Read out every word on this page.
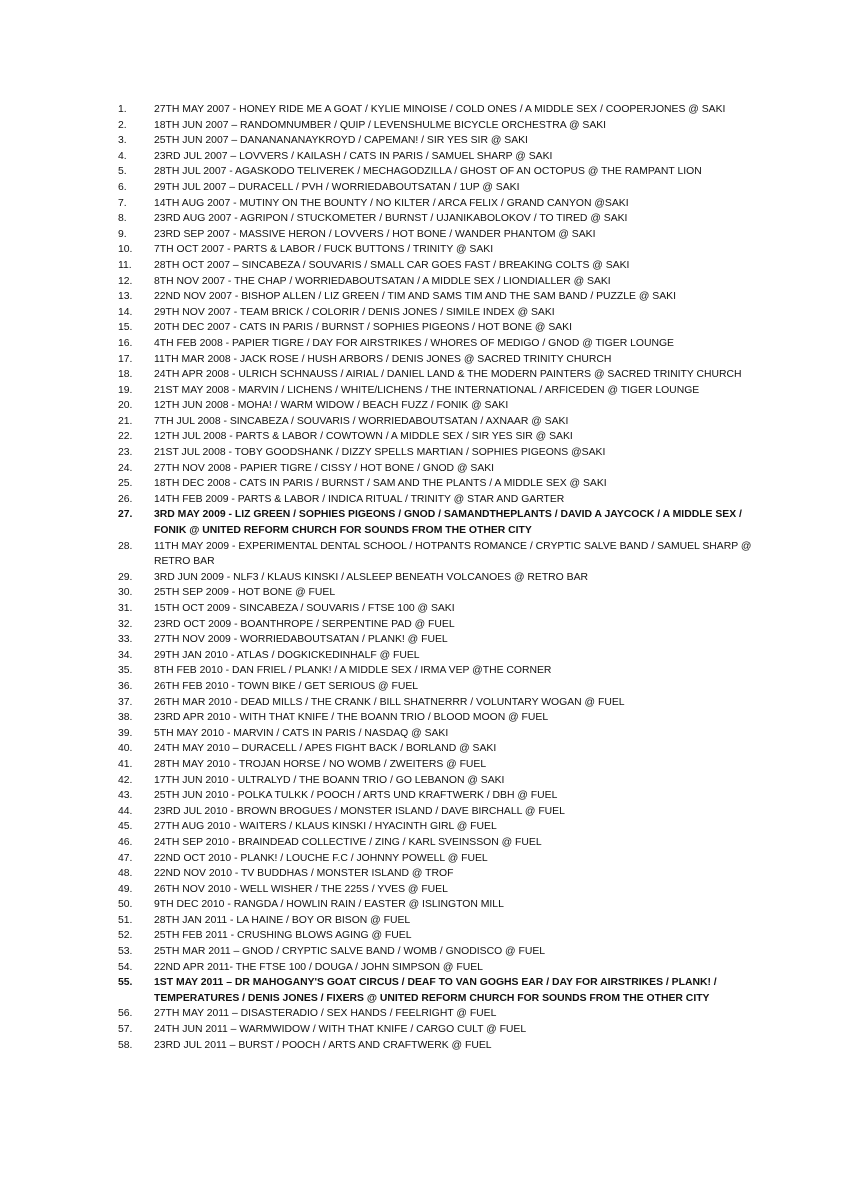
1.	27TH MAY 2007 - HONEY RIDE ME A GOAT / KYLIE MINOISE / COLD ONES / A MIDDLE SEX / COOPERJONES @ SAKI
2.	18TH JUN 2007 – RANDOMNUMBER / QUIP / LEVENSHULME BICYCLE ORCHESTRA @ SAKI
3.	25TH JUN 2007 – DANANANANAYKROYD / CAPEMAN! / SIR YES SIR @ SAKI
4.	23RD JUL 2007 – LOVVERS / KAILASH / CATS IN PARIS / SAMUEL SHARP @ SAKI
5.	28TH JUL 2007 - AGASKODO TELIVEREK / MECHAGODZILLA / GHOST OF AN OCTOPUS @ THE RAMPANT LION
6.	29TH JUL 2007 – DURACELL / PVH / WORRIEDABOUTSATAN / 1UP @ SAKI
7.	14TH AUG 2007 - MUTINY ON THE BOUNTY / NO KILTER / ARCA FELIX / GRAND CANYON @SAKI
8.	23RD AUG 2007 - AGRIPON / STUCKOMETER / BURNST / UJANIKABOLOKOV / TO TIRED @ SAKI
9.	23RD SEP 2007 - MASSIVE HERON / LOVVERS / HOT BONE / WANDER PHANTOM @ SAKI
10.	7TH OCT 2007 - PARTS & LABOR / FUCK BUTTONS / TRINITY @ SAKI
11.	28TH OCT 2007 – SINCABEZA / SOUVARIS / SMALL CAR GOES FAST / BREAKING COLTS @ SAKI
12.	8TH NOV 2007 - THE CHAP / WORRIEDABOUTSATAN / A MIDDLE SEX / LIONDIALLER @ SAKI
13.	22ND NOV 2007 - BISHOP ALLEN / LIZ GREEN / TIM AND SAMS TIM AND THE SAM BAND / PUZZLE @ SAKI
14.	29TH NOV 2007 - TEAM BRICK / COLORIR / DENIS JONES / SIMILE INDEX @ SAKI
15.	20TH DEC 2007 - CATS IN PARIS / BURNST / SOPHIES PIGEONS / HOT BONE @ SAKI
16.	4TH FEB 2008 - PAPIER TIGRE / DAY FOR AIRSTRIKES / WHORES OF MEDIGO / GNOD @ TIGER LOUNGE
17.	11TH MAR 2008 - JACK ROSE / HUSH ARBORS / DENIS JONES @ SACRED TRINITY CHURCH
18.	24TH APR 2008 - ULRICH SCHNAUSS / AIRIAL / DANIEL LAND & THE MODERN PAINTERS @ SACRED TRINITY CHURCH
19.	21ST MAY 2008 - MARVIN / LICHENS / WHITE/LICHENS / THE INTERNATIONAL / ARFICEDEN @ TIGER LOUNGE
20.	12TH JUN 2008 - MOHA! / WARM WIDOW / BEACH FUZZ / FONIK @ SAKI
21.	7TH JUL 2008 - SINCABEZA / SOUVARIS / WORRIEDABOUTSATAN / AXNAAR @ SAKI
22.	12TH JUL 2008 - PARTS & LABOR / COWTOWN / A MIDDLE SEX / SIR YES SIR @ SAKI
23.	21ST JUL 2008 - TOBY GOODSHANK / DIZZY SPELLS MARTIAN / SOPHIES PIGEONS @SAKI
24.	27TH NOV 2008 - PAPIER TIGRE / CISSY / HOT BONE / GNOD @ SAKI
25.	18TH DEC 2008 - CATS IN PARIS / BURNST / SAM AND THE PLANTS / A MIDDLE SEX @ SAKI
26.	14TH FEB 2009 - PARTS & LABOR / INDICA RITUAL / TRINITY @ STAR AND GARTER
27.	3RD MAY 2009 - LIZ GREEN / SOPHIES PIGEONS / GNOD / SAMANDTHEPLANTS / DAVID A JAYCOCK / A MIDDLE SEX / FONIK @ UNITED REFORM CHURCH FOR SOUNDS FROM THE OTHER CITY
28.	11TH MAY 2009 - EXPERIMENTAL DENTAL SCHOOL / HOTPANTS ROMANCE / CRYPTIC SALVE BAND / SAMUEL SHARP @ RETRO BAR
29.	3RD JUN 2009 - NLF3 / KLAUS KINSKI / ALSLEEP BENEATH VOLCANOES @ RETRO BAR
30.	25TH SEP 2009 - HOT BONE @ FUEL
31.	15TH OCT 2009 - SINCABEZA / SOUVARIS / FTSE 100 @ SAKI
32.	23RD OCT 2009 - BOANTHROPE / SERPENTINE PAD @ FUEL
33.	27TH NOV 2009 - WORRIEDABOUTSATAN / PLANK! @ FUEL
34.	29TH JAN 2010 - ATLAS / DOGKICKEDINHALF @ FUEL
35.	8TH FEB 2010 - DAN FRIEL / PLANK! / A MIDDLE SEX / IRMA VEP @THE CORNER
36.	26TH FEB 2010 - TOWN BIKE / GET SERIOUS @ FUEL
37.	26TH MAR 2010 - DEAD MILLS / THE CRANK / BILL SHATNERRR / VOLUNTARY WOGAN @ FUEL
38.	23RD APR 2010 - WITH THAT KNIFE / THE BOANN TRIO / BLOOD MOON @ FUEL
39.	5TH MAY 2010 - MARVIN / CATS IN PARIS / NASDAQ @ SAKI
40.	24TH MAY 2010 – DURACELL / APES FIGHT BACK / BORLAND @ SAKI
41.	28TH MAY 2010 - TROJAN HORSE / NO WOMB / ZWEITERS @ FUEL
42.	17TH JUN 2010 - ULTRALYD / THE BOANN TRIO / GO LEBANON @ SAKI
43.	25TH JUN 2010 - POLKA TULKK / POOCH / ARTS UND KRAFTWERK / DBH @ FUEL
44.	23RD JUL 2010 - BROWN BROGUES / MONSTER ISLAND / DAVE BIRCHALL @ FUEL
45.	27TH AUG 2010 - WAITERS / KLAUS KINSKI / HYACINTH GIRL @ FUEL
46.	24TH SEP 2010 - BRAINDEAD COLLECTIVE / ZING / KARL SVEINSSON @ FUEL
47.	22ND OCT 2010 - PLANK! / LOUCHE F.C / JOHNNY POWELL @ FUEL
48.	22ND NOV 2010 - TV BUDDHAS / MONSTER ISLAND @ TROF
49.	26TH NOV 2010 - WELL WISHER / THE 225S / YVES @ FUEL
50.	9TH DEC 2010 - RANGDA / HOWLIN RAIN / EASTER @ ISLINGTON MILL
51.	28TH JAN 2011 - LA HAINE / BOY OR BISON @ FUEL
52.	25TH FEB 2011 - CRUSHING BLOWS AGING @ FUEL
53.	25TH MAR 2011 – GNOD / CRYPTIC SALVE BAND / WOMB / GNODISCO @ FUEL
54.	22ND APR 2011- THE FTSE 100 / DOUGA / JOHN SIMPSON @ FUEL
55.	1ST MAY 2011 – DR MAHOGANY'S GOAT CIRCUS / DEAF TO VAN GOGHS EAR / DAY FOR AIRSTRIKES / PLANK! / TEMPERATURES / DENIS JONES / FIXERS @ UNITED REFORM CHURCH FOR SOUNDS FROM THE OTHER CITY
56.	27TH MAY 2011 – DISASTERADIO / SEX HANDS / FEELRIGHT @ FUEL
57.	24TH JUN 2011 – WARMWIDOW / WITH THAT KNIFE / CARGO CULT @ FUEL
58.	23RD JUL 2011 – BURST / POOCH / ARTS AND CRAFTWERK @ FUEL
